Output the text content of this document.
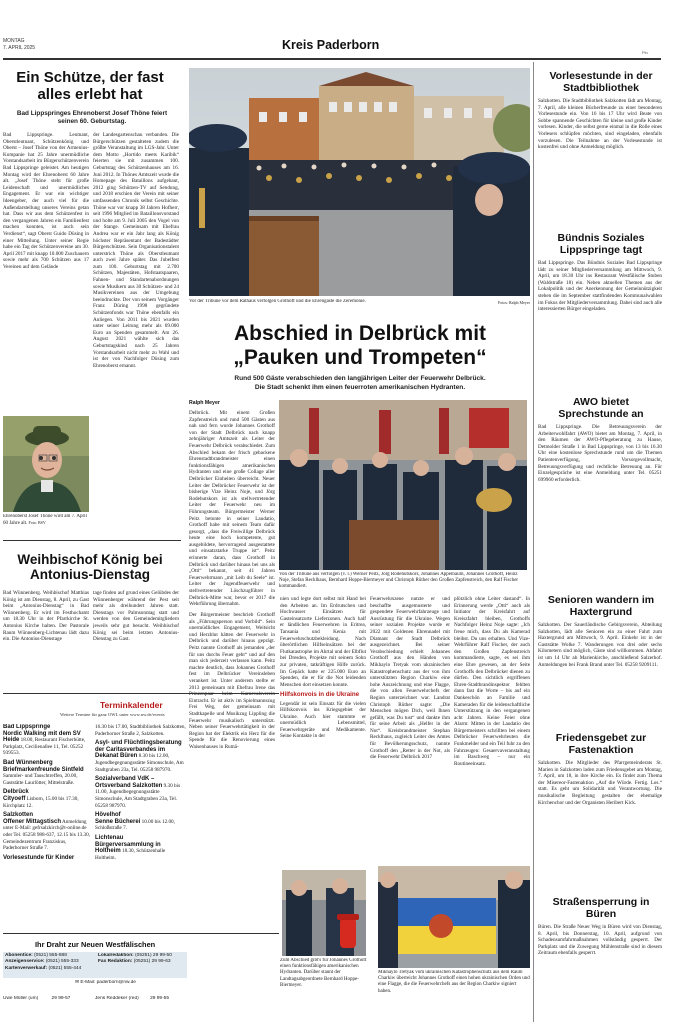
MONTAG
7. APRIL 2025	Kreis Paderborn
Pin
Ein Schütze, der fast alles erlebt hat
Bad Lippspringes Ehrenoberst Josef Thöne feiert seinen 60. Geburtstag.
Bad Lippspringe. Leutnant, Oberstleutnant, Schützenkönig und Oberst – Josef Thöne von der Armenius-Kompanie hat 25 Jahre unermüdliche Vorstandsarbeit im Bürgerschützenverein Bad Lippspringe geleistet. Am heutigen Montag wird der Ehrenoberst 60 Jahre alt. „Josef Thöne steht für große Leidenschaft und unermüdliches Engagement. Er war ein wichtiger Ideengeber, der auch viel für die Außendarstellung unseres Vereins getan hat. Dass wir aus dem Schützenfest in den vergangenen Jahren ein Familienfest machen konnten, ist auch sein Verdienst“, sagt Oberst Guido Düsing in einer Mitteilung. Unter seiner Regie habe ein Tag der Schützenvereine am 30. April 2017 mit knapp 10.000 Zuschauern sowie mehr als 700 Schützen aus 17 Vereinen auf dem Gelände
der Landesgartenschau verbanden. Die Bürgerschützen gestalteten zudem die größte Veranstaltung im LGS-Jahr. Unter dem Motto „Hortido meets Karibik“ feierten sie mit zusammen 100. Geburtstag des Schützenhauses am 16. Juni 2012. In Thönes Amtszeit wurde die Homepage des Bataillons aufgebaut, 2012 ging Schützen-TV auf Sendung, und 2018 erschien der Verein mit seiner umfassenden Chronik selbst Geschichte. Thöne war vor knapp 38 Jahren Hofherr, seit 1996 Mitglied im Bataillonsvorstand und holte am 9. Juli 2005 den Vogel von der Stange. Gemeinsam mit Ehefrau Andrea war er ein Jahr lang als König höchster Repräsentant der Badestädter Bürgerschützen. Sein Organisationstalent unterstrich Thöne als Oberstleutnant auch zwei Jahre später. Das Jubelfest zum 100. Geburtstag mit 2.700 Schützen, Majestäten, Hofstaatspaaren, Fahnen- und Standartenabordnungen sowie Musikern aus 30 Schützen- und 24 Musikvereinen aus der Umgebung beeindruckte. Der von seinem Vorgänger Franz Düring 1998 gegründete Schützenfonds war Thöne ebenfalls ein Anliegen. Von 2011 bis 2021 wurden unter seiner Leitung mehr als 69.000 Euro an Spenden gesammelt. Am 26. August 2021 wählte sich das Geburtstagskind nach 25 Jahren Vorstandsarbeit nicht mehr zu Wahl und ist der von Nachfolger Düsing zum Ehrenoberst ernannt.
Ehrenoberst Josef Thöne wird am 7. April 60 Jahre alt. Foto: BSV
Weihbischof König bei Antonius-Dienstag
Bad Wünnenberg. Weihbischof Matthias König ist am Dienstag, 8. April, zu Gast beim „Antonius-Dienstag“ in Bad Wünnenberg. Er wird im Festhochamt um 18.30 Uhr in der Pfarrkirche St. Antonius Kirche halten. Der Pastorale Raum Wünnenberg-Lichtenau lädt dazu ein. Die Antonius-Dienstage
tage finden auf grund eines Gelübdes der Wünnenberger während der Pest seit mehr als dreihundert Jahren statt. Dienstags vor Palmsonntag statt und werden von den Gemeindemitgliedern jeweils sehr gut besucht. Weihbischof König sei beim letzten Antonius-Dienstag zu Gast.
Terminkalender
Weitere Termine für ganz OWL unter www.nw.de/events
Bad Lippspringe
Nordic Walking mit dem SV Heide 18.00, Restaurant Fischerhütte, Parkplatz, Cecilienallee 11, Tel. 05252 939553.
Bad Wünnenberg
Briefmarkenfreunde Sintfeld Sammler- und Tauschtreffen, 20.00, Gaststätte Laurlötter, Mittelstraße.
Delbrück
Cityoeff Lisborn, 15.00 bis 17.30, Kirchplatz 12.
Salzkotten
Offener Mittagstisch Anmeldung unter E-Mail: gefrsalzkirch@t-online.de oder Tel. 05258 988-637, 12.15 bis 13.30, Gemeindezentrum Franziskus, Paderborner Straße 7.
Vorlesestunde für Kinder
16.30 bis 17.00, Stadtbibliothek Salzkotten, Paderborner Straße 2, Salzkotten.
Asyl- und Flüchtlingsberatung der Caritasverbandes im Dekanat Büren 8.30 bis 12.00, Jugendbegegnungsstätte Simonschule, Am Stadtgraben 23a, Tel. 05258 987970.
Sozialverband VdK – Ortsverband Salzkotten 9.30 bis 11.00, Jugendbegegnungsstätte Simonschule, Am Stadtgraben 23a, Tel. 05258 987970.
Hövelhof
Senne Bücherei 10.00 bis 12.00, Schloßstraße 7.
Lichtenau
Bürgerversammlung in Holtheim 18.30, Schützenhalle Holtheim.
Ihr Draht zur Neuen Westfälischen
Abonentice: (0521) 555-888
Anzeigenservice: (0521) 555-333
Kartenverwerkauf: (0521) 555-444
Lokalredaktion: (05251) 29 99-50
Fax Redaktion: (05251) 29 99-63
✉ E-Mail: paderborn@nw.de
Uwe Müller (um)	29 99-57	Jens Reddeker (red) 29 99-55
Vor der Tribüne vor dem Rathaus verfolgen Grothoff und die Ehrengäste die Zeremonie.	Fotos: Ralph Meyer
Abschied in Delbrück mit
„Pauken und Trompeten“
Rund 500 Gäste verabschieden den langjährigen Leiter der Feuerwehr Delbrück.
Die Stadt schenkt ihm einen feuerroten amerikanischen Hydranten.
Ralph Meyer
Delbrück. Mit einem Großen Zapfenstreich und rund 500 Gästen aus nah und fern wurde Johannes Grothoff von der Stadt Delbrück nach knapp zehnjähriger Amtszeit als Leiter der Feuerwehr Delbrück verabschiedet. Zum Abschied bekam der frisch gebackene Ehrenstadtbrandmeister einen funktionsfähigen amerikanischen Hydranten und eine große Collage aller Delbrücker Einheiten überreicht. Neuer Leiter der Delbrücker Feuerwehr ist der bisherige Vize Heinz Noje, und Jörg Rodehutskors ist als stellvertretender Leiter der Feuerwehr neu im Führungsteam. Bürgermeister Werner Peitz betonte in seiner Laudatio, Grothoff habe mit seinem Team dafür gesorgt, „dass die Freiwillige Delbrück heute eine hoch kompetente, gut ausgebildete, hervorragend ausgestattete und einsatzstarke Truppe ist“. Peitz erinnerte daran, dass Grothoff in Delbrück und darüber hinaus bei uns als „Otti“ bekannt, seit 41 Jahren Feuerwehrmann „mit Leib du Seele“ ist. Leiter der Jugendfeuerwehr und stellvertretender Löschzugführer in Delbrück-Mitte war, bevor er 2017 die Wehrführung übernahm.
Von der Tribüne aus verfolgen (v. l.) Werner Peitz, Jörg Rodehutskors, Johannes Appelbaum, Johannes Grothoff, Heinz Noje, Stefan Recklhaus, Bernhard Hoppe-Biermeyer und Christoph Rüther den Großen Zapfenstreich, den Ralf Fischer kommandiert.
Der Bürgermeister beschrieb Grothoff als „Führungsperson und Vorbild“. Sein unermüdliches Engagement, Weitsicht und Herzblut hätten der Feuerwehr in Delbrück und darüber hinaus geprägt. Peitz nannte Grothoff als jemanden „der für uns durchs Feuer geht“ und auf den man sich jederzeit verlassen kann. Peitz machte deutlich, dass Johannes Grothoff fest im Delbrücker Vereinsleben verankert ist. Unter anderem stellte er 2013 gemeinsam mit Ehefrau Irene das Prinzenpaar beim Karnevalsverein Eintracht. Er ist aktiv im Spielmannszug Frei Weg, der gemeinsam mit Stadtkapelle und Musikzug Lippling die Feuerwehr musikalisch unterstützt. Neben seiner Feuerwehrtätigkeit in der Region hat der Elektrik ein Herz für die Spende für die Renovierung eines Waisenhauses in Rumä-

nien und legte dort selbst mit Hand bei den Arbeiten an. Im Erdrutschen und Hochwasser Einsätzen für Gasteinsatzorte Lieferzonen. Auch half er ländlichen Feuerwehren in Eritrea, Tansania und Kenia mit Feuerwehrschutzbekleidung. Nach überörtlichen Hilfseinsätzen bei der Flutkatastrophe im Ahrtal und der Elbflut bei Dresden, Projekte mit seinem Sohn zur privaten, tatkräftigen Hilfe zurück. Im Gepäck hatte er 225.000 Euro an Spenden, die er für die Not leidenden Menschen dort einsetzen konnte.

Hilfskonvois in die Ukraine

Legendär ist sein Einsatz für die vielen Hilfskonvois ins Kriegsgebiet der Ukraine. Auch hier stammte er unermüdlich Lebensmittel, Feuerwehrgeräte und Medikamente. Seine Kontakte in der

Feuerwehrszene nutzte er und beschaffte ausgemusterte und gespendete Feuerwehrfahrzeuge und Ausrüstung für die Ukraine. Wegen seiner sozialen Projekte wurde er 2022 mit Goldenen Ehrennadel mit Diamant der Stadt Delbrück ausgezeichnet. Bei seiner Verabschiedung erhielt Johannes Grothoff aus den Händen von Mikhaylo Tretyak vom ukrainischen Katastrophenschutz aus der von ihm unterstützten Region Charkiw eine hohe Auszeichnung und eine Flagge, die von allen Feuerwehrchefs der Region unterzeichnet war. Landrat Christoph Rüther sagte: „Die Menschen mögen Dich, weil Ihnen gefällt, was Du tust“ und dankte ihm für seine Arbeit als „Helfer in der Not“. Kreisbrandmeister Stephan Recklhaus, zugleich Leiter des Amtes für Bevölkerungsschutz, nannte Grothoff den „Retter in der Not, als die Feuerwehr Delbrück 2017
plötzlich ohne Leiter dastand“. In Erinnerung werde „Otti“ auch als Initiator der Kreisfahrt auf Kreiszfahrt bleiben, Grothoffs Nachfolger Heinz Noje sagte: „Ich freue mich, dass Du als Kamerad bleibst. Du uns erhalten. Und Vize-Wehrführer Ralf Fischer, der auch den Großen Zapfenstreich kommandierte, sagte, es sei ihm eine Ehre gewesen, an der Seite Grothoffs den Delbrücker dienen zu dürfen. Den sichtlich ergriffenen Ehren-Stadtbrandinspektor fehlten dann fast die Worte – bis auf ein Dankeschön an Familie und Kameraden für die leidenschaftliche Unterstützung in den vergangenen acht Jahren. Keine Feier ohne Alarm: Mitten in der Laudatio des Bürgermeisters schrillten bei einem Delbrücker Feuerwehrleuten die Funkmelder und ein Teil fuhr zu den Fahrzeugen: Gesaervaveranstaltung im Baschweg – nur ein Routineeinsatz.
Zum Abschied gibt's für Johannes Grothoff einen funktionsfähigen amerikanischen Hydranten. Darüber staunt der Landtagsabgeordnete Bernhard Hoppe-Biermeyer.
Mikhaylo Tretyak vom ukrainischen Katastrophenschutz aus dem Raum Charkiw überreicht Johannes Grothoff einen hohen ukrainischen Orden und eine Flagge, die die Feuerwehrchefs aus der Region Charkiw signiert haben.
Vorlesestunde in der Stadtbibliothek
Salzkotten. Die Stadtbibliothek Salzkotten lädt am Montag, 7. April, alle kleinen Bücherfreunde zu einer besonderen Vorlesestunde ein. Von 16 bis 17 Uhr wird Beate von Sobbe spannende Geschichten für kleine und große Kinder vorlesen. Kinder, die selbst gerne einmal in die Rolle eines Vorlesers schlüpfen möchten, sind eingeladen, ebenfalls vorzulesen. Die Teilnahme an der Vorlesestunde ist kostenfrei und ohne Anmeldung möglich.
Bündnis Soziales Lippspringe tagt
Bad Lippspringe. Das Bündnis Soziales Bad Lippspringe lädt zu seiner Mitgliederversammlung am Mittwoch, 9. April, um 18.30 Uhr ins Restaurant Westfälische Stuben (Waldstraße 18) ein. Neben aktuellen Themen aus der Lokalpolitik und der Anerkennung der Gemeinnützigkeit stehen die im September stattfindenden Kommunalwahlen im Fokus der Mitgliederversammlung. Dabei sind auch alle interessierten Bürger eingeladen.
AWO bietet Sprechstunde an
Bad Lippspringe. Die Betreuungsverein der Arbeiterwohlfahrt (AWO) bietet am Montag, 7. April, in den Räumen der AWO-Pflegeberatung zu Hause, Detmolder Straße 1 in Bad Lippspringe, von 13 bis 16.30 Uhr eine kostenlose Sprechstunde rund um die Themen Patientenverfügung, Vorsorgevollmacht, Betreuungsverfügung und rechtliche Betreuung an. Für Einzelgespräche ist eine Anmeldung unter Tel. 05251 699960 erforderlich.
Senioren wandern im Haxtergrund
Salzkotten. Der Sauerländische Gebirgsverein, Abteilung Salzkotten, lädt alle Senioren ein zu einer Fahrt zum Haxtergrund am Mittwoch, 9. April. Einkehr ist in der Gaststätte Wolke 7. Wanderungen von drei oder sechs Kilometern sind möglich, Gäste sind willkommen. Abfahrt ist um 14 Uhr ab Marienkirche, anschließend Salzerhof. Anmeldungen bei Frank Brand unter Tel. 05258 9209111.
Friedensgebet zur Fastenaktion
Salzkotten. Die Mitglieder des Pfarrgemeinderats St. Marien in Salzkotten laden zum Friedensgebet am Montag, 7. April, um 18, in ihre Kirche ein. Es findet zum Thema der Misereor-Fastenaktion „Auf die Würde. Fertig. Los.“ statt. Es geht um Solidarität und Verantwortung. Die musikalische Begleitung gestalten der ehemalige Kirchenchor und der Organisten Heribert Kick.
Straßensperrung in Büren
Büren. Die Straße Neuer Weg in Büren wird von Dienstag, 8. April, bis Donnerstag, 10. April, aufgrund von Schadensumfahrmaßnahmen vollständig gesperrt. Der Parkplatz und die Zuwegung Mühlenstraße sind in diesem Zeitraum ebenfalls gesperrt.
